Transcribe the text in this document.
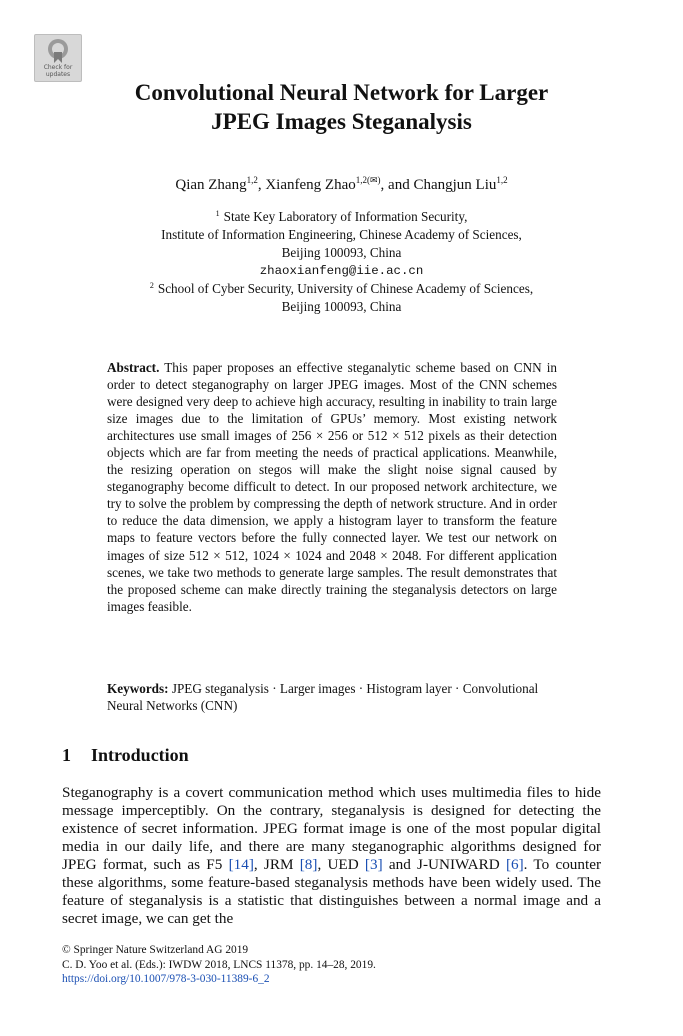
Check for
updates
Convolutional Neural Network for Larger
JPEG Images Steganalysis
Qian Zhang$^{1,2}$, Xianfeng Zhao$^{1,2(✉)}$, and Changjun Liu$^{1,2}$
$^1$ State Key Laboratory of Information Security,
Institute of Information Engineering, Chinese Academy of Sciences,
Beijing 100093, China
zhaoxianfeng@iie.ac.cn
$^2$ School of Cyber Security, University of Chinese Academy of Sciences,
Beijing 100093, China

Abstract. This paper proposes an effective steganalytic scheme based on CNN in order to detect steganography on larger JPEG images. Most of the CNN schemes were designed very deep to achieve high accuracy, resulting in inability to train large size images due to the limitation of GPUs’ memory. Most existing network architectures use small images of 256 × 256 or 512 × 512 pixels as their detection objects which are far from meeting the needs of practical applications. Meanwhile, the resizing operation on stegos will make the slight noise signal caused by steganography become difficult to detect. In our proposed network architecture, we try to solve the problem by compressing the depth of network structure. And in order to reduce the data dimension, we apply a histogram layer to transform the feature maps to feature vectors before the fully connected layer. We test our network on images of size 512 × 512, 1024 × 1024 and 2048 × 2048. For different application scenes, we take two methods to generate large samples. The result demonstrates that the proposed scheme can make directly training the steganalysis detectors on large images feasible.

Keywords: JPEG steganalysis · Larger images · Histogram layer · Convolutional Neural Networks (CNN)

1 Introduction

Steganography is a covert communication method which uses multimedia files to hide message imperceptibly. On the contrary, steganalysis is designed for detecting the existence of secret information. JPEG format image is one of the most popular digital media in our daily life, and there are many steganographic algorithms designed for JPEG format, such as F5 [14], JRM [8], UED [3] and J-UNIWARD [6]. To counter these algorithms, some feature-based steganalysis methods have been widely used. The feature of steganalysis is a statistic that distinguishes between a normal image and a secret image, we can get the

© Springer Nature Switzerland AG 2019
C. D. Yoo et al. (Eds.): IWDW 2018, LNCS 11378, pp. 14–28, 2019.
https://doi.org/10.1007/978-3-030-11389-6_2
